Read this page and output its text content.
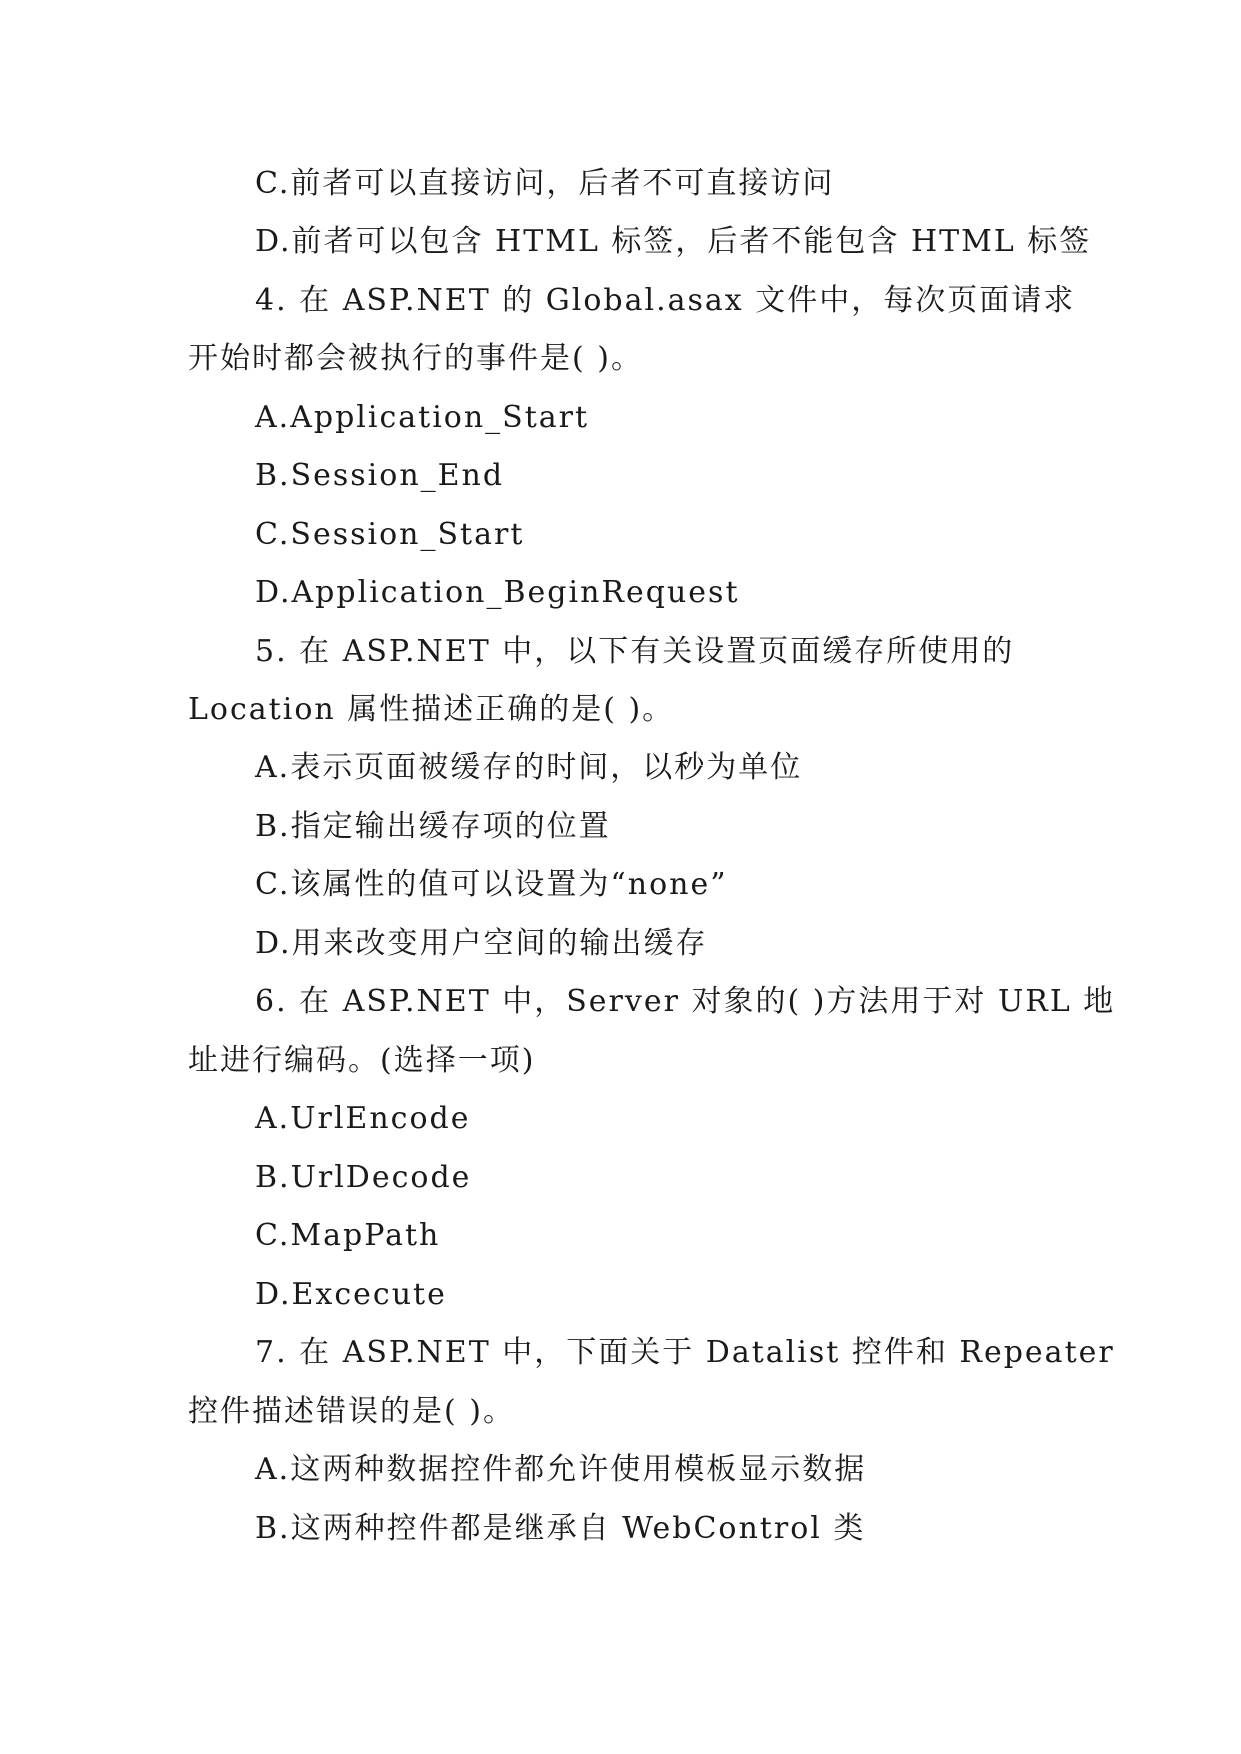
C.前者可以直接访问，后者不可直接访问
D.前者可以包含 HTML 标签，后者不能包含 HTML 标签
4. 在 ASP.NET 的 Global.asax 文件中，每次页面请求
开始时都会被执行的事件是( )。
A.Application_Start
B.Session_End
C.Session_Start
D.Application_BeginRequest
5. 在 ASP.NET 中，以下有关设置页面缓存所使用的
Location 属性描述正确的是( )。
A.表示页面被缓存的时间，以秒为单位
B.指定输出缓存项的位置
C.该属性的值可以设置为“none”
D.用来改变用户空间的输出缓存
6. 在 ASP.NET 中，Server 对象的( )方法用于对 URL 地
址进行编码。(选择一项)
A.UrlEncode
B.UrlDecode
C.MapPath
D.Excecute
7. 在 ASP.NET 中，下面关于 Datalist 控件和 Repeater
控件描述错误的是( )。
A.这两种数据控件都允许使用模板显示数据
B.这两种控件都是继承自 WebControl 类
